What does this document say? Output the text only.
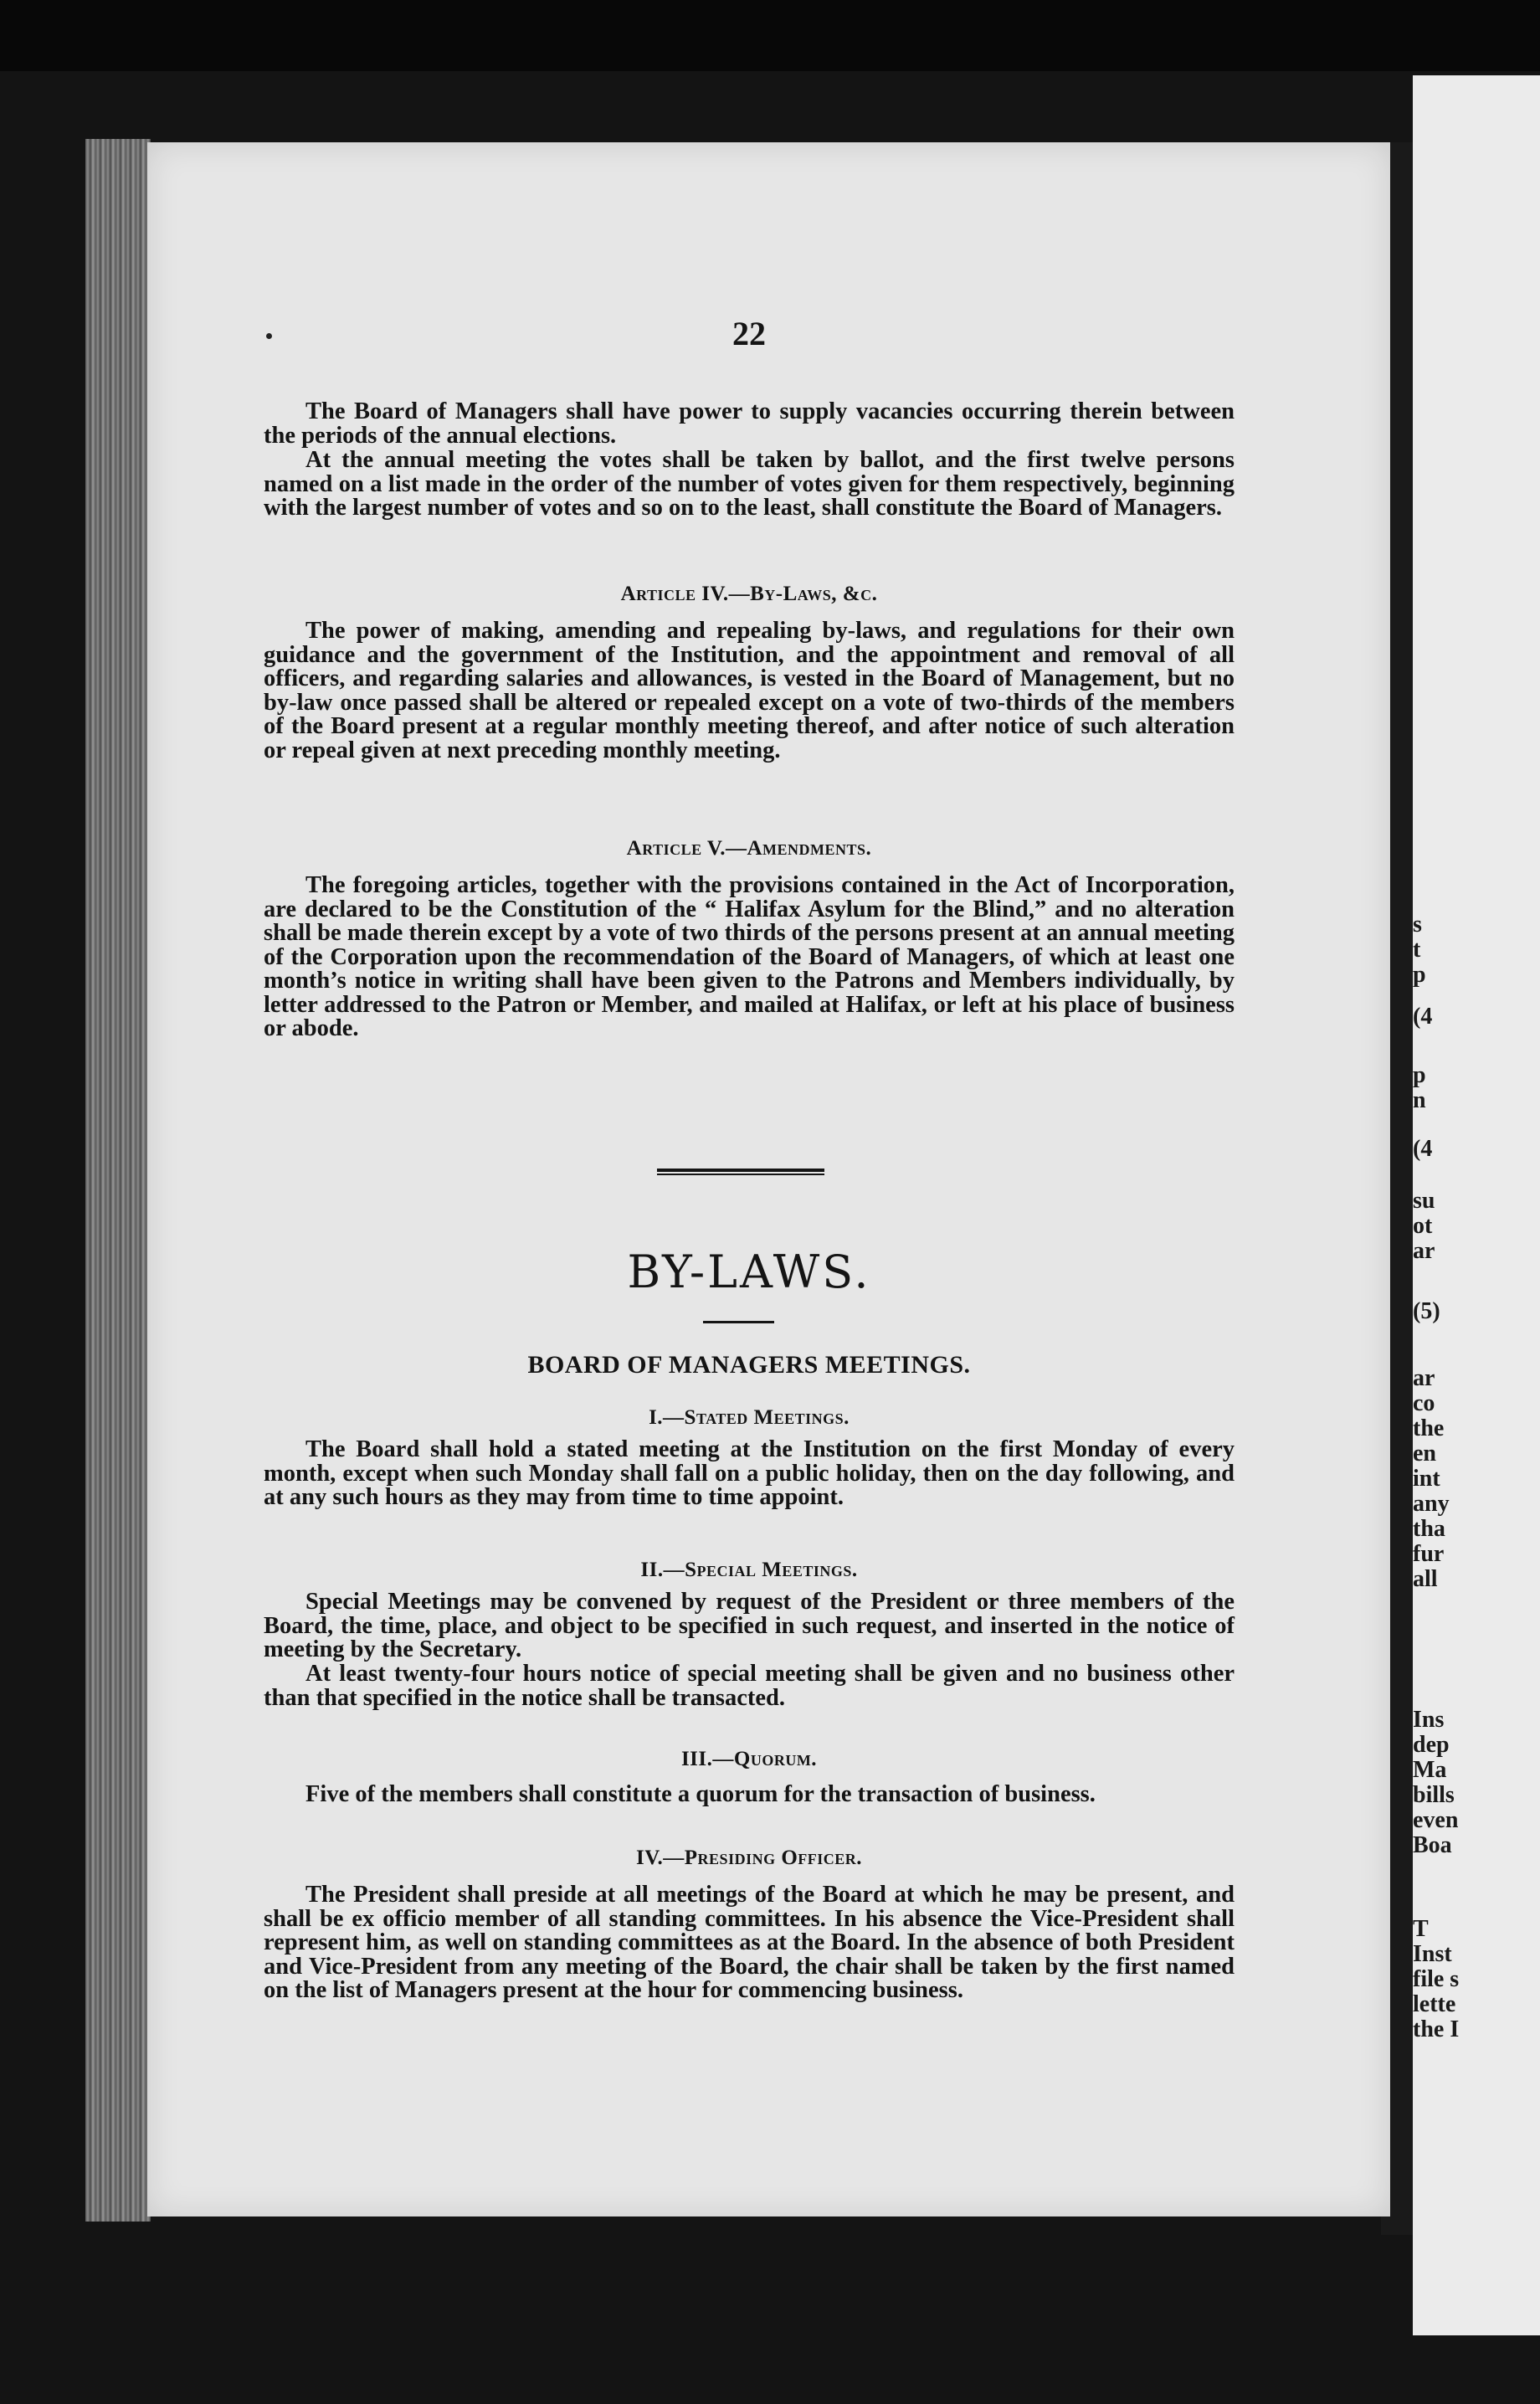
s

t

p

(4

p

n

(4

su

ot

ar

(5)

ar

co

the

en

int

any

tha

fur

all

Ins

dep

Ma

bills

even

Boa

T

Inst

file s

lette

the I

22

The Board of Managers shall have power to supply vacancies occurring therein between the periods of the annual elections.

At the annual meeting the votes shall be taken by ballot, and the first twelve persons named on a list made in the order of the number of votes given for them respectively, beginning with the largest number of votes and so on to the least, shall constitute the Board of Managers.

Article IV.—By-Laws, &c.

The power of making, amending and repealing by-laws, and regulations for their own guidance and the government of the Institution, and the appointment and removal of all officers, and regarding salaries and allowances, is vested in the Board of Management, but no by-law once passed shall be altered or repealed except on a vote of two-thirds of the members of the Board present at a regular monthly meeting thereof, and after notice of such alteration or repeal given at next preceding monthly meeting.

Article V.—Amendments.

The foregoing articles, together with the provisions contained in the Act of Incorporation, are declared to be the Constitution of the “ Halifax Asylum for the Blind,” and no alteration shall be made therein except by a vote of two thirds of the persons present at an annual meeting of the Corporation upon the recommendation of the Board of Managers, of which at least one month’s notice in writing shall have been given to the Patrons and Members individually, by letter addressed to the Patron or Member, and mailed at Halifax, or left at his place of business or abode.

BY-LAWS.

BOARD OF MANAGERS MEETINGS.

I.—Stated Meetings.

The Board shall hold a stated meeting at the Institution on the first Monday of every month, except when such Monday shall fall on a public holiday, then on the day following, and at any such hours as they may from time to time appoint.

II.—Special Meetings.

Special Meetings may be convened by request of the President or three members of the Board, the time, place, and object to be specified in such request, and inserted in the notice of meeting by the Secretary.

At least twenty-four hours notice of special meeting shall be given and no business other than that specified in the notice shall be transacted.

III.—Quorum.

Five of the members shall constitute a quorum for the transaction of business.

IV.—Presiding Officer.

The President shall preside at all meetings of the Board at which he may be present, and shall be ex officio member of all standing committees. In his absence the Vice-President shall represent him, as well on standing committees as at the Board. In the absence of both President and Vice-President from any meeting of the Board, the chair shall be taken by the first named on the list of Managers present at the hour for commencing business.
